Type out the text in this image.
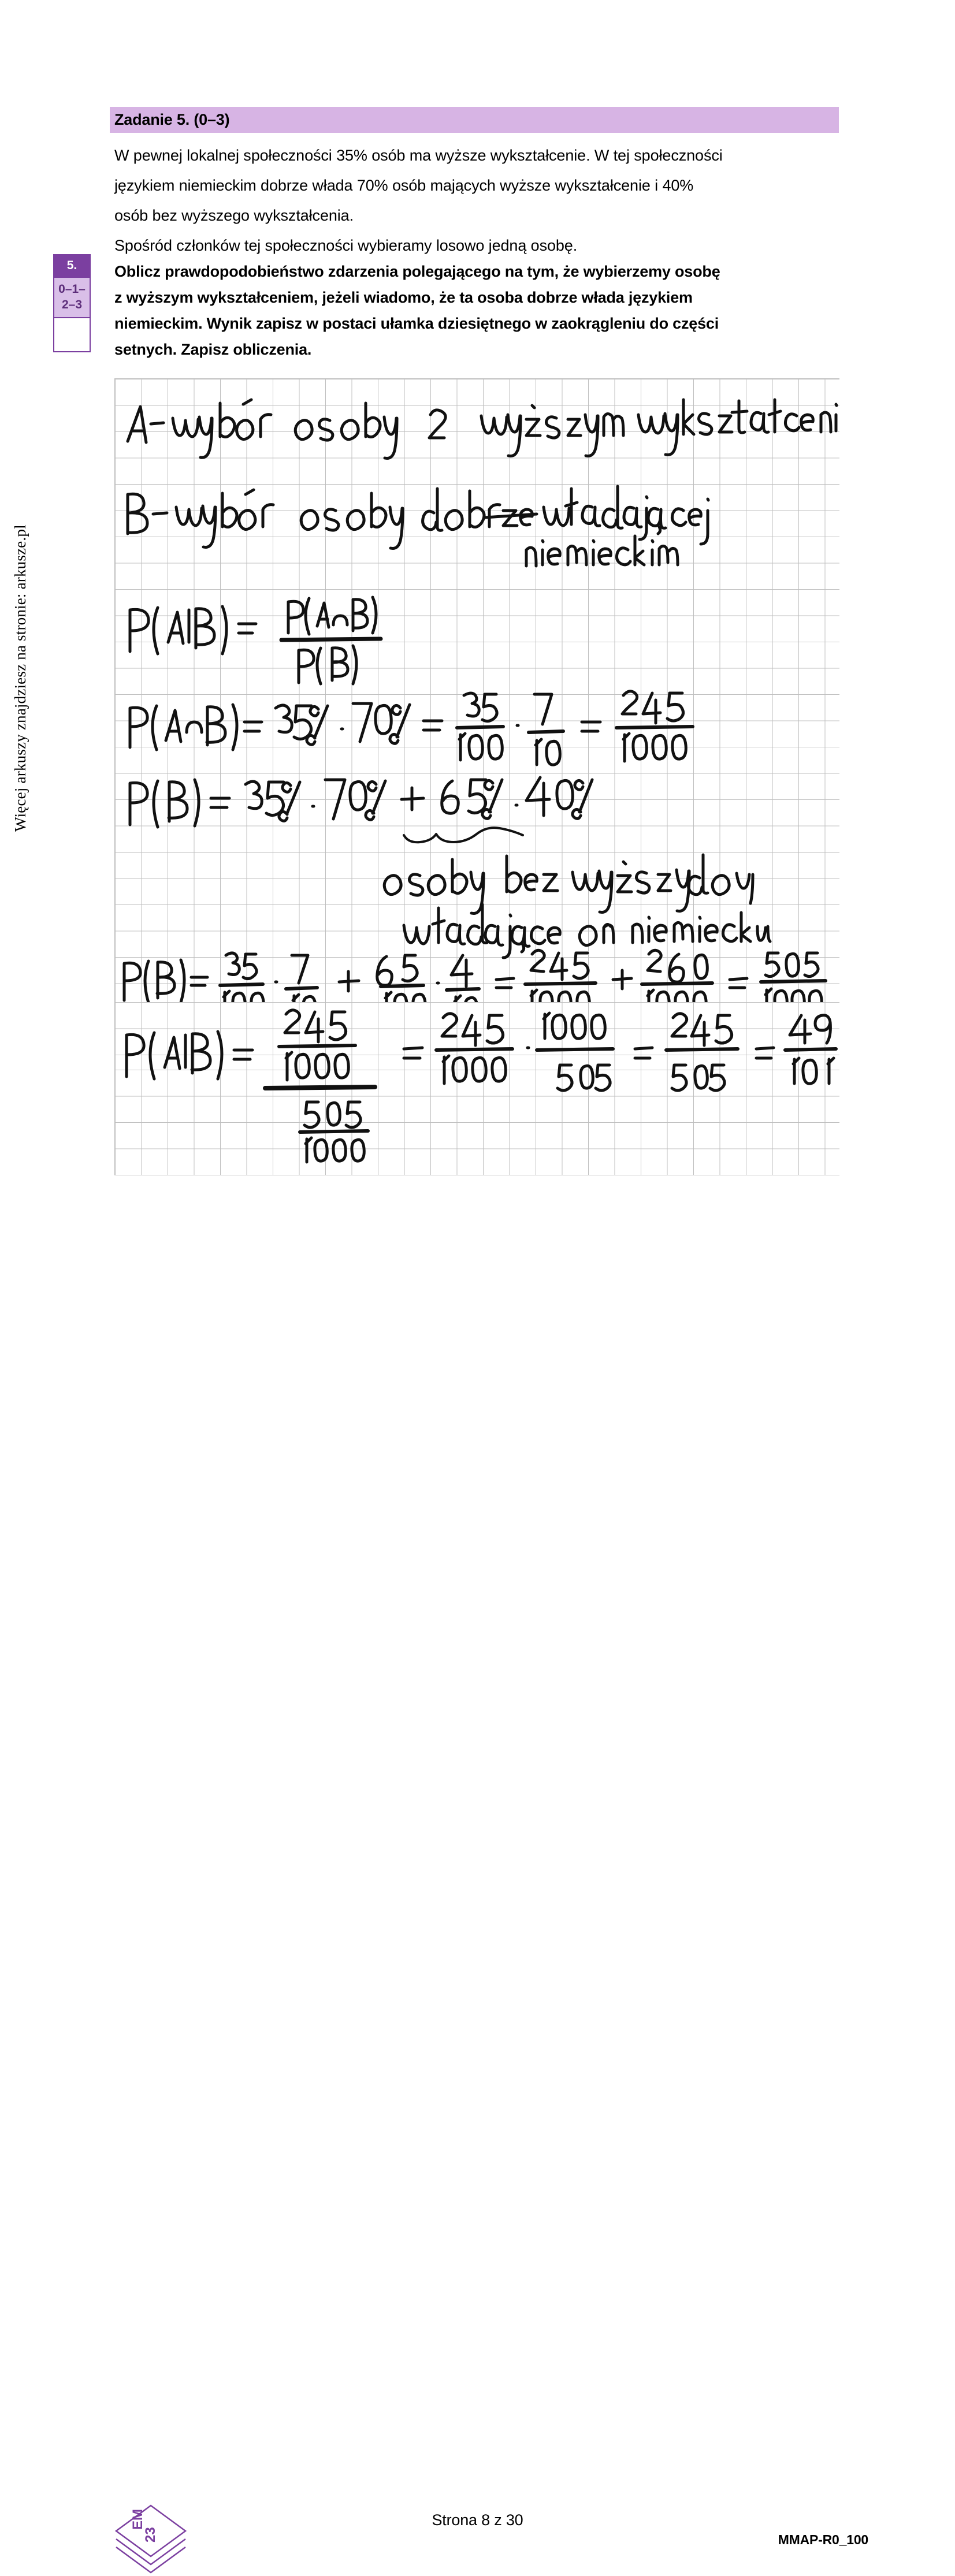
Więcej arkuszy znajdziesz na stronie: arkusze.pl
Zadanie 5. (0–3)

W pewnej lokalnej społeczności 35% osób ma wyższe wykształcenie. W tej społeczności

językiem niemieckim dobrze włada 70% osób mających wyższe wykształcenie i 40%

osób bez wyższego wykształcenia.

Spośród członków tej społeczności wybieramy losowo jedną osobę.

5.
0–1–
2–3

Oblicz prawdopodobieństwo zdarzenia polegającego na tym, że wybierzemy osobę

z wyższym wykształceniem, jeżeli wiadomo, że ta osoba dobrze włada językiem

niemieckim. Wynik zapisz w postaci ułamka dziesiętnego w zaokrągleniu do części

setnych. Zapisz obliczenia.

EM
23
Strona 8 z 30
MMAP-R0_100
